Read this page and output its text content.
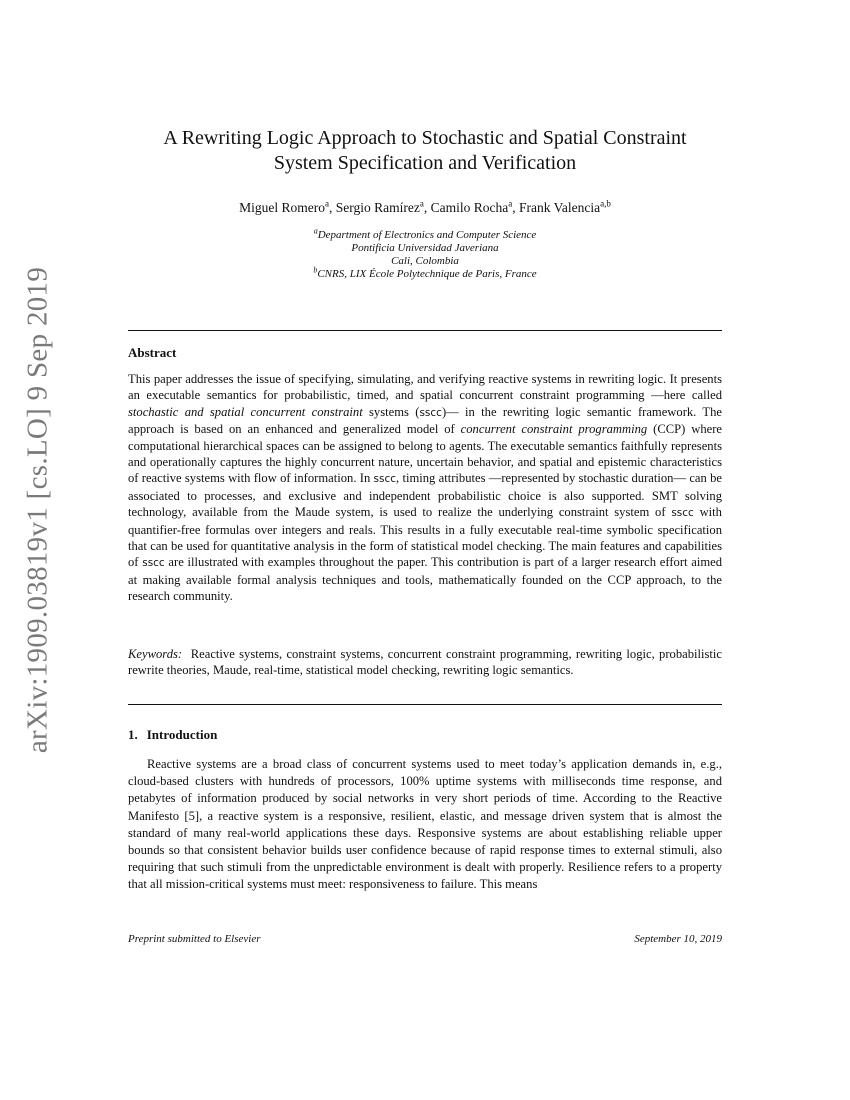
arXiv:1909.03819v1 [cs.LO] 9 Sep 2019
A Rewriting Logic Approach to Stochastic and Spatial Constraint
System Specification and Verification
Miguel Romero$^a$, Sergio Ramírez$^a$, Camilo Rocha$^a$, Frank Valencia$^{a,b}$
$^a$Department of Electronics and Computer Science
Pontificia Universidad Javeriana
Cali, Colombia
$^b$CNRS, LIX École Polytechnique de Paris, France
Abstract
This paper addresses the issue of specifying, simulating, and verifying reactive systems in rewriting logic. It presents an executable semantics for probabilistic, timed, and spatial concurrent constraint programming —here called stochastic and spatial concurrent constraint systems (sscc)— in the rewriting logic semantic framework. The approach is based on an enhanced and generalized model of concurrent constraint programming (CCP) where computational hierarchical spaces can be assigned to belong to agents. The executable semantics faithfully represents and operationally captures the highly concurrent nature, uncertain behavior, and spatial and epistemic characteristics of reactive systems with flow of information. In sscc, timing attributes —represented by stochastic duration— can be associated to processes, and exclusive and independent probabilistic choice is also supported. SMT solving technology, available from the Maude system, is used to realize the underlying constraint system of sscc with quantifier-free formulas over integers and reals. This results in a fully executable real-time symbolic specification that can be used for quantitative analysis in the form of statistical model checking. The main features and capabilities of sscc are illustrated with examples throughout the paper. This contribution is part of a larger research effort aimed at making available formal analysis techniques and tools, mathematically founded on the CCP approach, to the research community.
Keywords: Reactive systems, constraint systems, concurrent constraint programming, rewriting logic, probabilistic rewrite theories, Maude, real-time, statistical model checking, rewriting logic semantics.
1. Introduction
Reactive systems are a broad class of concurrent systems used to meet today’s application demands in, e.g., cloud-based clusters with hundreds of processors, 100% uptime systems with milliseconds time response, and petabytes of information produced by social networks in very short periods of time. According to the Reactive Manifesto [5], a reactive system is a responsive, resilient, elastic, and message driven system that is almost the standard of many real-world applications these days. Responsive systems are about establishing reliable upper bounds so that consistent behavior builds user confidence because of rapid response times to external stimuli, also requiring that such stimuli from the unpredictable environment is dealt with properly. Resilience refers to a property that all mission-critical systems must meet: responsiveness to failure. This means
Preprint submitted to Elsevier	September 10, 2019
